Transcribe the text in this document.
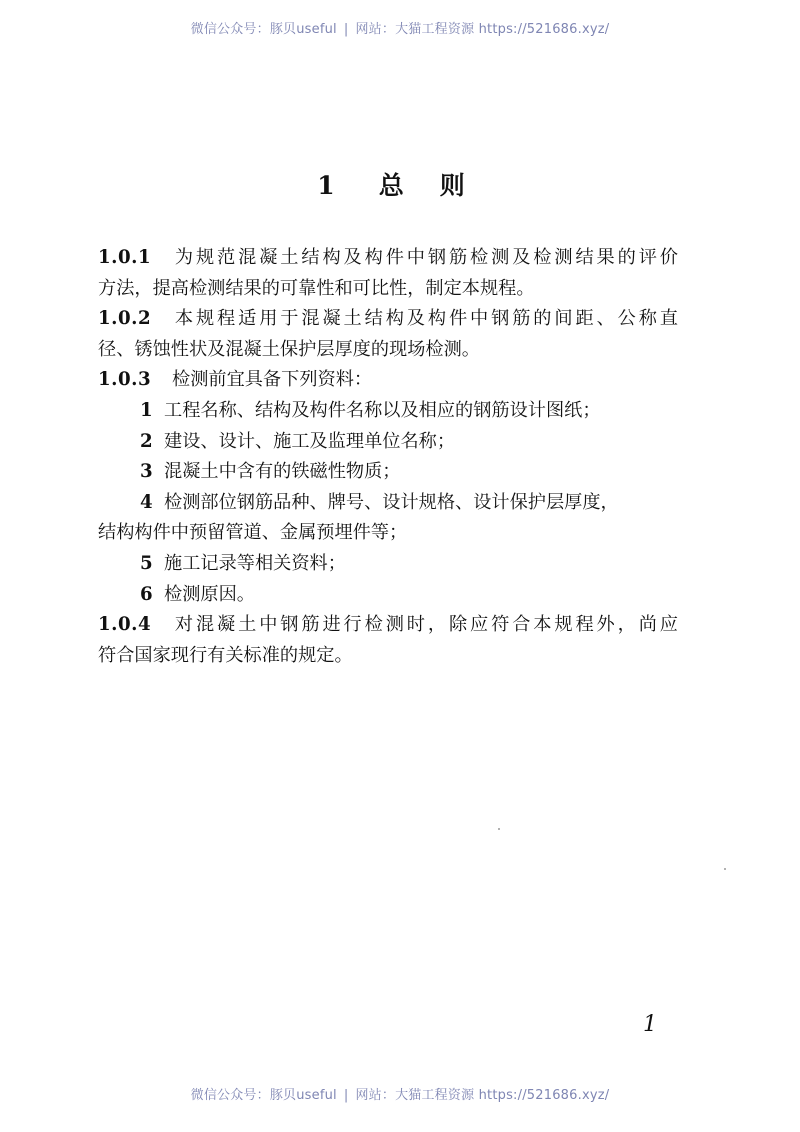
微信公众号：豚贝useful | 网站：大猫工程资源 https://521686.xyz/
1 总 则
1.0.1 为规范混凝土结构及构件中钢筋检测及检测结果的评价
方法，提高检测结果的可靠性和可比性，制定本规程。
1.0.2 本规程适用于混凝土结构及构件中钢筋的间距、公称直
径、锈蚀性状及混凝土保护层厚度的现场检测。
1.0.3 检测前宜具备下列资料：
1 工程名称、结构及构件名称以及相应的钢筋设计图纸；
2 建设、设计、施工及监理单位名称；
3 混凝土中含有的铁磁性物质；
4 检测部位钢筋品种、牌号、设计规格、设计保护层厚度，
结构构件中预留管道、金属预埋件等；
5 施工记录等相关资料；
6 检测原因。
1.0.4 对混凝土中钢筋进行检测时，除应符合本规程外，尚应
符合国家现行有关标准的规定。
1
微信公众号：豚贝useful | 网站：大猫工程资源 https://521686.xyz/
